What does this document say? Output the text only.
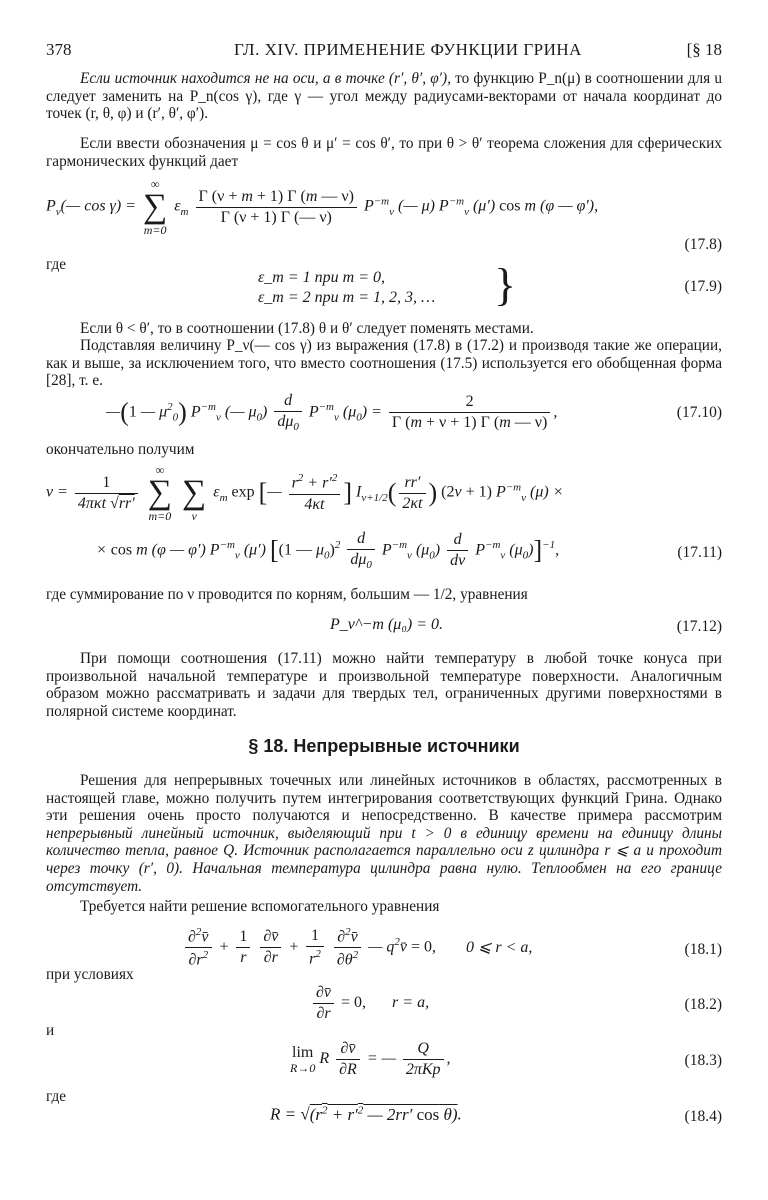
378	ГЛ. XIV. ПРИМЕНЕНИЕ ФУНКЦИИ ГРИНА	[§ 18
Если источник находится не на оси, а в точке (r′, θ′, φ′), то функцию P_n(μ) в соотношении для u следует заменить на P_n(cos γ), где γ — угол между радиусами-векторами от начала координат до точек (r, θ, φ) и (r′, θ′, φ′).
Если ввести обозначения μ = cos θ и μ′ = cos θ′, то при θ > θ′ теорема сложения для сферических гармонических функций дает
$P_\nu(—$ cos γ) =
∞
∑
m=0
$\varepsilon_m \frac{\Gamma (\nu + m + 1) \Gamma (m — \nu)}{\Gamma (\nu + 1) \Gamma (— \nu)} P^{-m}_\nu$ (— μ) $P^{-m}_\nu$ (μ′) cos m (φ — φ′),
(17.8)
где
ε_m = 1 при m = 0,
ε_m = 2 при m = 1, 2, 3, … }	(17.9)
Если θ < θ′, то в соотношении (17.8) θ и θ′ следует поменять местами.
Подставляя величину P_ν(— cos γ) из выражения (17.8) в (17.2) и производя такие же операции, как и выше, за исключением того, что вместо соотношения (17.5) используется его обобщенная форма [28], т. е.
—(1 — $\mu^2_0$) $P^{-m}_\nu$ (— $\mu_0) \frac{d}{d\mu_0} P^{-m}_\nu$ $(\mu_0) = \frac{2}{\Gamma (m + \nu + 1) \Gamma (m — \nu)}$ ,	(17.10)
окончательно получим
$v = \frac{1}{\text{4πκt √rr′}}$

∞
∑
m=0

∑
ν
$\varepsilon_m$ exp [— $\frac{r^2 + r'^2}{4\kappa t}$ ] $I_{\nu+1/2}( \frac{rr'}{2\kappa t}$ ) (2ν + 1) $P^{-m}_\nu$ (μ) ×
× cos m (φ — φ′) $P^{-m}_\nu$ (μ′) [(1 — $\mu_0)^2 \frac{d}{d\mu_0} P^{-m}_\nu$ $(\mu_0) \frac{d}{d\nu} P^{-m}_\nu$ $(\mu_0)]^{-1}$,	(17.11)
где суммирование по ν проводится по корням, большим — 1/2, уравнения
P_ν^−m (μ₀) = 0.	(17.12)
При помощи соотношения (17.11) можно найти температуру в любой точке конуса при произвольной начальной температуре и произвольной температуре поверхности. Аналогичным образом можно рассматривать и задачи для твердых тел, ограниченных другими поверхностями в полярной системе координат.
§ 18. Непрерывные источники
Решения для непрерывных точечных или линейных источников в областях, рассмотренных в настоящей главе, можно получить путем интегрирования соответствующих функций Грина. Однако эти решения очень просто получаются и непосредственно. В качестве примера рассмотрим непрерывный линейный источник, выделяющий при t > 0 в единицу времени на единицу длины количество тепла, равное Q. Источник располагается параллельно оси z цилиндра r ⩽ a и проходит через точку (r′, 0). Начальная температура цилиндра равна нулю. Теплообмен на его границе отсутствует.
Требуется найти решение вспомогательного уравнения
$\frac{\partial^2v̄}{\partial r^2} + \frac{1}{r}$
$\frac{\partial v̄}{\partial r} + \frac{1}{r^2}$
$\frac{\partial^2v̄}{\partial\theta^2}$ — $q^2v̄ = 0$, 0 ⩽ r < a,	(18.1)
при условиях
$\frac{\partial v̄}{\partial r} = 0$, r = a,	(18.2)
и
lim
R→0
R $\frac{\partial v̄}{\partial R}$ = — $\frac{Q}{\text{2πKp}}$ ,	(18.3)
где
$R = √(r^2 + r'^2$ — 2rr′ cos θ).	(18.4)
